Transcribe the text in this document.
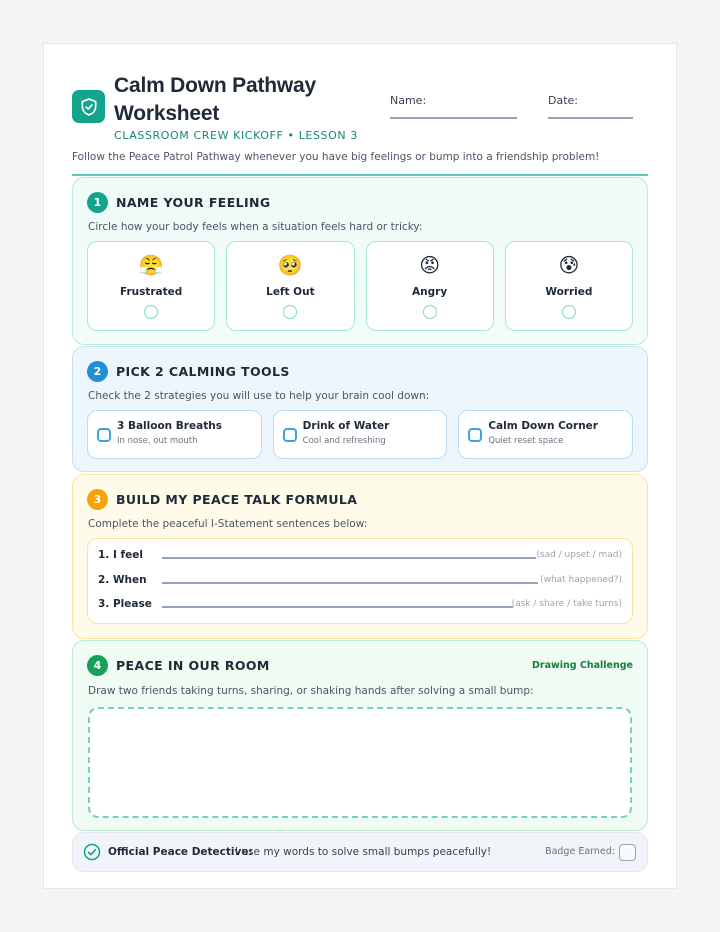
Calm Down Pathway Worksheet
CLASSROOM CREW KICKOFF • LESSON 3
Name:	Date:
Follow the Peace Patrol Pathway whenever you have big feelings or bump into a friendship problem!
1	NAME YOUR FEELING
Circle how your body feels when a situation feels hard or tricky:
😤
Frustrated
🥺
Left Out
😡
Angry
😰
Worried
2	PICK 2 CALMING TOOLS
Check the 2 strategies you will use to help your brain cool down:
3 Balloon Breaths
In nose, out mouth
Drink of Water
Cool and refreshing
Calm Down Corner
Quiet reset space
3	BUILD MY PEACE TALK FORMULA
Complete the peaceful I-Statement sentences below:
1. I feel	(sad / upset / mad)
2. When	(what happened?)
3. Please	(ask / share / take turns)
4	PEACE IN OUR ROOM	Drawing Challenge
Draw two friends taking turns, sharing, or shaking hands after solving a small bump:
Official Peace Detective:
I use my words to solve small bumps peacefully!	Badge Earned:
